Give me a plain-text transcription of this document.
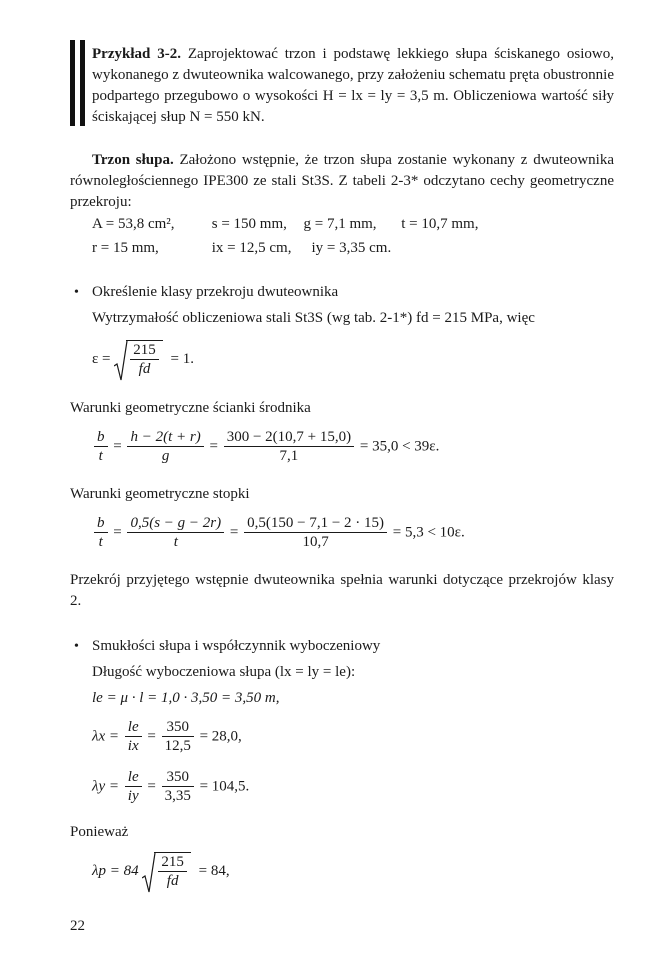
Przykład 3-2. Zaprojektować trzon i podstawę lekkiego słupa ściskanego osiowo, wykonanego z dwuteownika walcowanego, przy założeniu schematu pręta obustronnie podpartego przegubowo o wysokości H = lx = ly = 3,5 m. Obliczeniowa wartość siły ściskającej słup N = 550 kN.
Trzon słupa. Założono wstępnie, że trzon słupa zostanie wykonany z dwuteownika równoległościennego IPE300 ze stali St3S. Z tabeli 2-3* odczytano cechy geometryczne przekroju:
A = 53,8 cm², s = 150 mm, g = 7,1 mm, t = 10,7 mm,
r = 15 mm,	ix = 12,5 cm, iy = 3,35 cm.
• Określenie klasy przekroju dwuteownika
Wytrzymałość obliczeniowa stali St3S (wg tab. 2-1*) fd = 215 MPa, więc
$\varepsilon = \frac{215}{fd} = 1$.
Warunki geometryczne ścianki środnika
$\frac{b}{t} = \frac{h - 2(t + r)}{g} = \frac{300 - 2(10,7 + 15,0)}{7,1} = 35,0 < 39\varepsilon$.
Warunki geometryczne stopki
$\frac{b}{t} = \frac{0,5(s - g - 2r)}{t} = \frac{0,5(150 - 7,1 - 2 \cdot 15)}{10,7} = 5,3 < 10\varepsilon$.
Przekrój przyjętego wstępnie dwuteownika spełnia warunki dotyczące przekrojów klasy 2.
• Smukłości słupa i współczynnik wyboczeniowy
Długość wyboczeniowa słupa (lx = ly = le):
le = μ · l = 1,0 · 3,50 = 3,50 m,
$\lambda x = \frac{le}{ix} = \frac{350}{12,5} = 28,0$,
$\lambda y = \frac{le}{iy} = \frac{350}{3,35} = 104,5$.
Ponieważ
$\lambda p = 84 \frac{215}{fd} = 84$,
22
